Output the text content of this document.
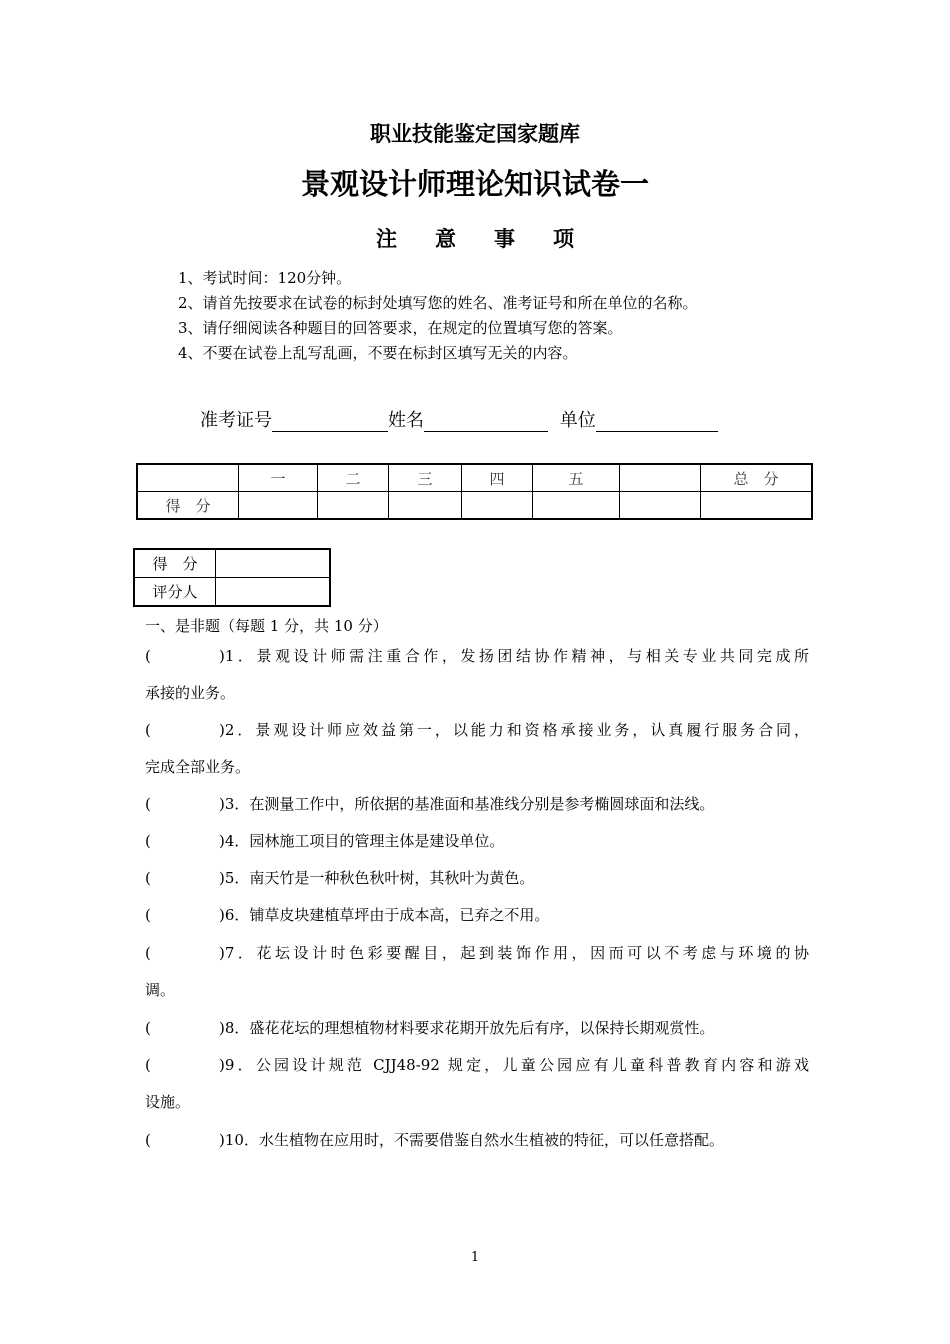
职业技能鉴定国家题库
景观设计师理论知识试卷一
注 意 事 项
1、考试时间：120分钟。
2、请首先按要求在试卷的标封处填写您的姓名、准考证号和所在单位的名称。
3、请仔细阅读各种题目的回答要求，在规定的位置填写您的答案。
4、不要在试卷上乱写乱画，不要在标封区填写无关的内容。
准考证号	姓名	单位
	一	二	三	四	五		总　分
得　分							
得　分	
评分人	
一、是非题（每题 1 分，共 10 分）
(	)1．景观设计师需注重合作，发扬团结协作精神，与相关专业共同完成所
承接的业务。
(	)2．景观设计师应效益第一，以能力和资格承接业务，认真履行服务合同，
完成全部业务。
(	)3．在测量工作中，所依据的基准面和基准线分别是参考椭圆球面和法线。
(	)4．园林施工项目的管理主体是建设单位。
(	)5．南天竹是一种秋色秋叶树，其秋叶为黄色。
(	)6．铺草皮块建植草坪由于成本高，已弃之不用。
(	)7．花坛设计时色彩要醒目，起到装饰作用，因而可以不考虑与环境的协
调。
(	)8．盛花花坛的理想植物材料要求花期开放先后有序，以保持长期观赏性。
(	)9．公园设计规范 CJJ48-92 规定，儿童公园应有儿童科普教育内容和游戏
设施。
(	)10．水生植物在应用时，不需要借鉴自然水生植被的特征，可以任意搭配。
1
